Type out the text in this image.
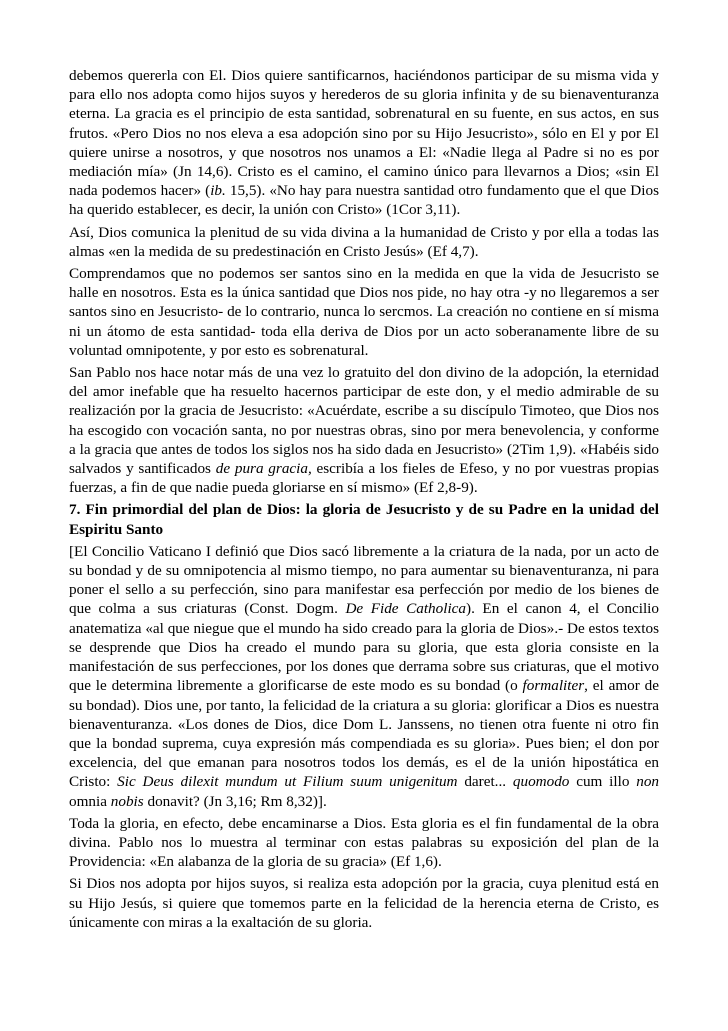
debemos quererla con El. Dios quiere santificarnos, haciéndonos participar de su misma vida y para ello nos adopta como hijos suyos y herederos de su gloria infinita y de su bienaventuranza eterna. La gracia es el principio de esta santidad, sobrenatural en su fuente, en sus actos, en sus frutos. «Pero Dios no nos eleva a esa adopción sino por su Hijo Jesucristo», sólo en El y por El quiere unirse a nosotros, y que nosotros nos unamos a El: «Nadie llega al Padre si no es por mediación mía» (Jn 14,6). Cristo es el camino, el camino único para llevarnos a Dios; «sin El nada podemos hacer» (ib. 15,5). «No hay para nuestra santidad otro fundamento que el que Dios ha querido establecer, es decir, la unión con Cristo» (1Cor 3,11).

Así, Dios comunica la plenitud de su vida divina a la humanidad de Cristo y por ella a todas las almas «en la medida de su predestinación en Cristo Jesús» (Ef 4,7).

Comprendamos que no podemos ser santos sino en la medida en que la vida de Jesucristo se halle en nosotros. Esta es la única santidad que Dios nos pide, no hay otra -y no llegaremos a ser santos sino en Jesucristo- de lo contrario, nunca lo sercmos. La creación no contiene en sí misma ni un átomo de esta santidad- toda ella deriva de Dios por un acto soberanamente libre de su voluntad omnipotente, y por esto es sobrenatural.

San Pablo nos hace notar más de una vez lo gratuito del don divino de la adopción, la eternidad del amor inefable que ha resuelto hacernos participar de este don, y el medio admirable de su realización por la gracia de Jesucristo: «Acuérdate, escribe a su discípulo Timoteo, que Dios nos ha escogido con vocación santa, no por nuestras obras, sino por mera benevolencia, y conforme a la gracia que antes de todos los siglos nos ha sido dada en Jesucristo» (2Tim 1,9). «Habéis sido salvados y santificados de pura gracia, escribía a los fieles de Efeso, y no por vuestras propias fuerzas, a fin de que nadie pueda gloriarse en sí mismo» (Ef 2,8-9).

7. Fin primordial del plan de Dios: la gloria de Jesucristo y de su Padre en la unidad del Espiritu Santo

[El Concilio Vaticano I definió que Dios sacó libremente a la criatura de la nada, por un acto de su bondad y de su omnipotencia al mismo tiempo, no para aumentar su bienaventuranza, ni para poner el sello a su perfección, sino para manifestar esa perfección por medio de los bienes de que colma a sus criaturas (Const. Dogm. De Fide Catholica). En el canon 4, el Concilio anatematiza «al que niegue que el mundo ha sido creado para la gloria de Dios».- De estos textos se desprende que Dios ha creado el mundo para su gloria, que esta gloria consiste en la manifestación de sus perfecciones, por los dones que derrama sobre sus criaturas, que el motivo que le determina libremente a glorificarse de este modo es su bondad (o formaliter, el amor de su bondad). Dios une, por tanto, la felicidad de la criatura a su gloria: glorificar a Dios es nuestra bienaventuranza. «Los dones de Dios, dice Dom L. Janssens, no tienen otra fuente ni otro fin que la bondad suprema, cuya expresión más compendiada es su gloria». Pues bien; el don por excelencia, del que emanan para nosotros todos los demás, es el de la unión hipostática en Cristo: Sic Deus dilexit mundum ut Filium suum unigenitum daret... quomodo cum illo non omnia nobis donavit? (Jn 3,16; Rm 8,32)].

Toda la gloria, en efecto, debe encaminarse a Dios. Esta gloria es el fin fundamental de la obra divina. Pablo nos lo muestra al terminar con estas palabras su exposición del plan de la Providencia: «En alabanza de la gloria de su gracia» (Ef 1,6).

Si Dios nos adopta por hijos suyos, si realiza esta adopción por la gracia, cuya plenitud está en su Hijo Jesús, si quiere que tomemos parte en la felicidad de la herencia eterna de Cristo, es únicamente con miras a la exaltación de su gloria.
